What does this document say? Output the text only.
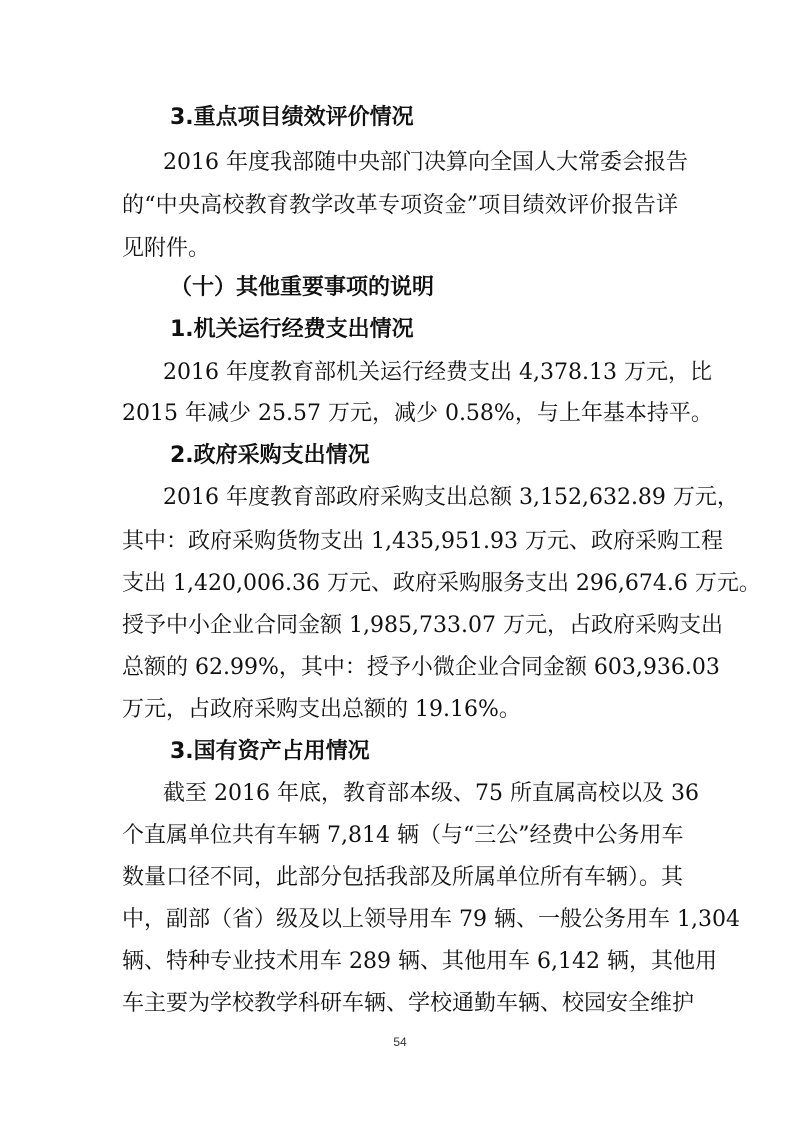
3.重点项目绩效评价情况
2016 年度我部随中央部门决算向全国人大常委会报告
的“中央高校教育教学改革专项资金”项目绩效评价报告详
见附件。
（十）其他重要事项的说明
1.机关运行经费支出情况
2016 年度教育部机关运行经费支出 4,378.13 万元，比
2015 年减少 25.57 万元，减少 0.58%，与上年基本持平。
2.政府采购支出情况
2016 年度教育部政府采购支出总额 3,152,632.89 万元，
其中：政府采购货物支出 1,435,951.93 万元、政府采购工程
支出 1,420,006.36 万元、政府采购服务支出 296,674.6 万元。
授予中小企业合同金额 1,985,733.07 万元，占政府采购支出
总额的 62.99%，其中：授予小微企业合同金额 603,936.03
万元，占政府采购支出总额的 19.16%。
3.国有资产占用情况
截至 2016 年底，教育部本级、75 所直属高校以及 36
个直属单位共有车辆 7,814 辆（与“三公”经费中公务用车
数量口径不同，此部分包括我部及所属单位所有车辆）。其
中，副部（省）级及以上领导用车 79 辆、一般公务用车 1,304
辆、特种专业技术用车 289 辆、其他用车 6,142 辆，其他用
车主要为学校教学科研车辆、学校通勤车辆、校园安全维护
54
